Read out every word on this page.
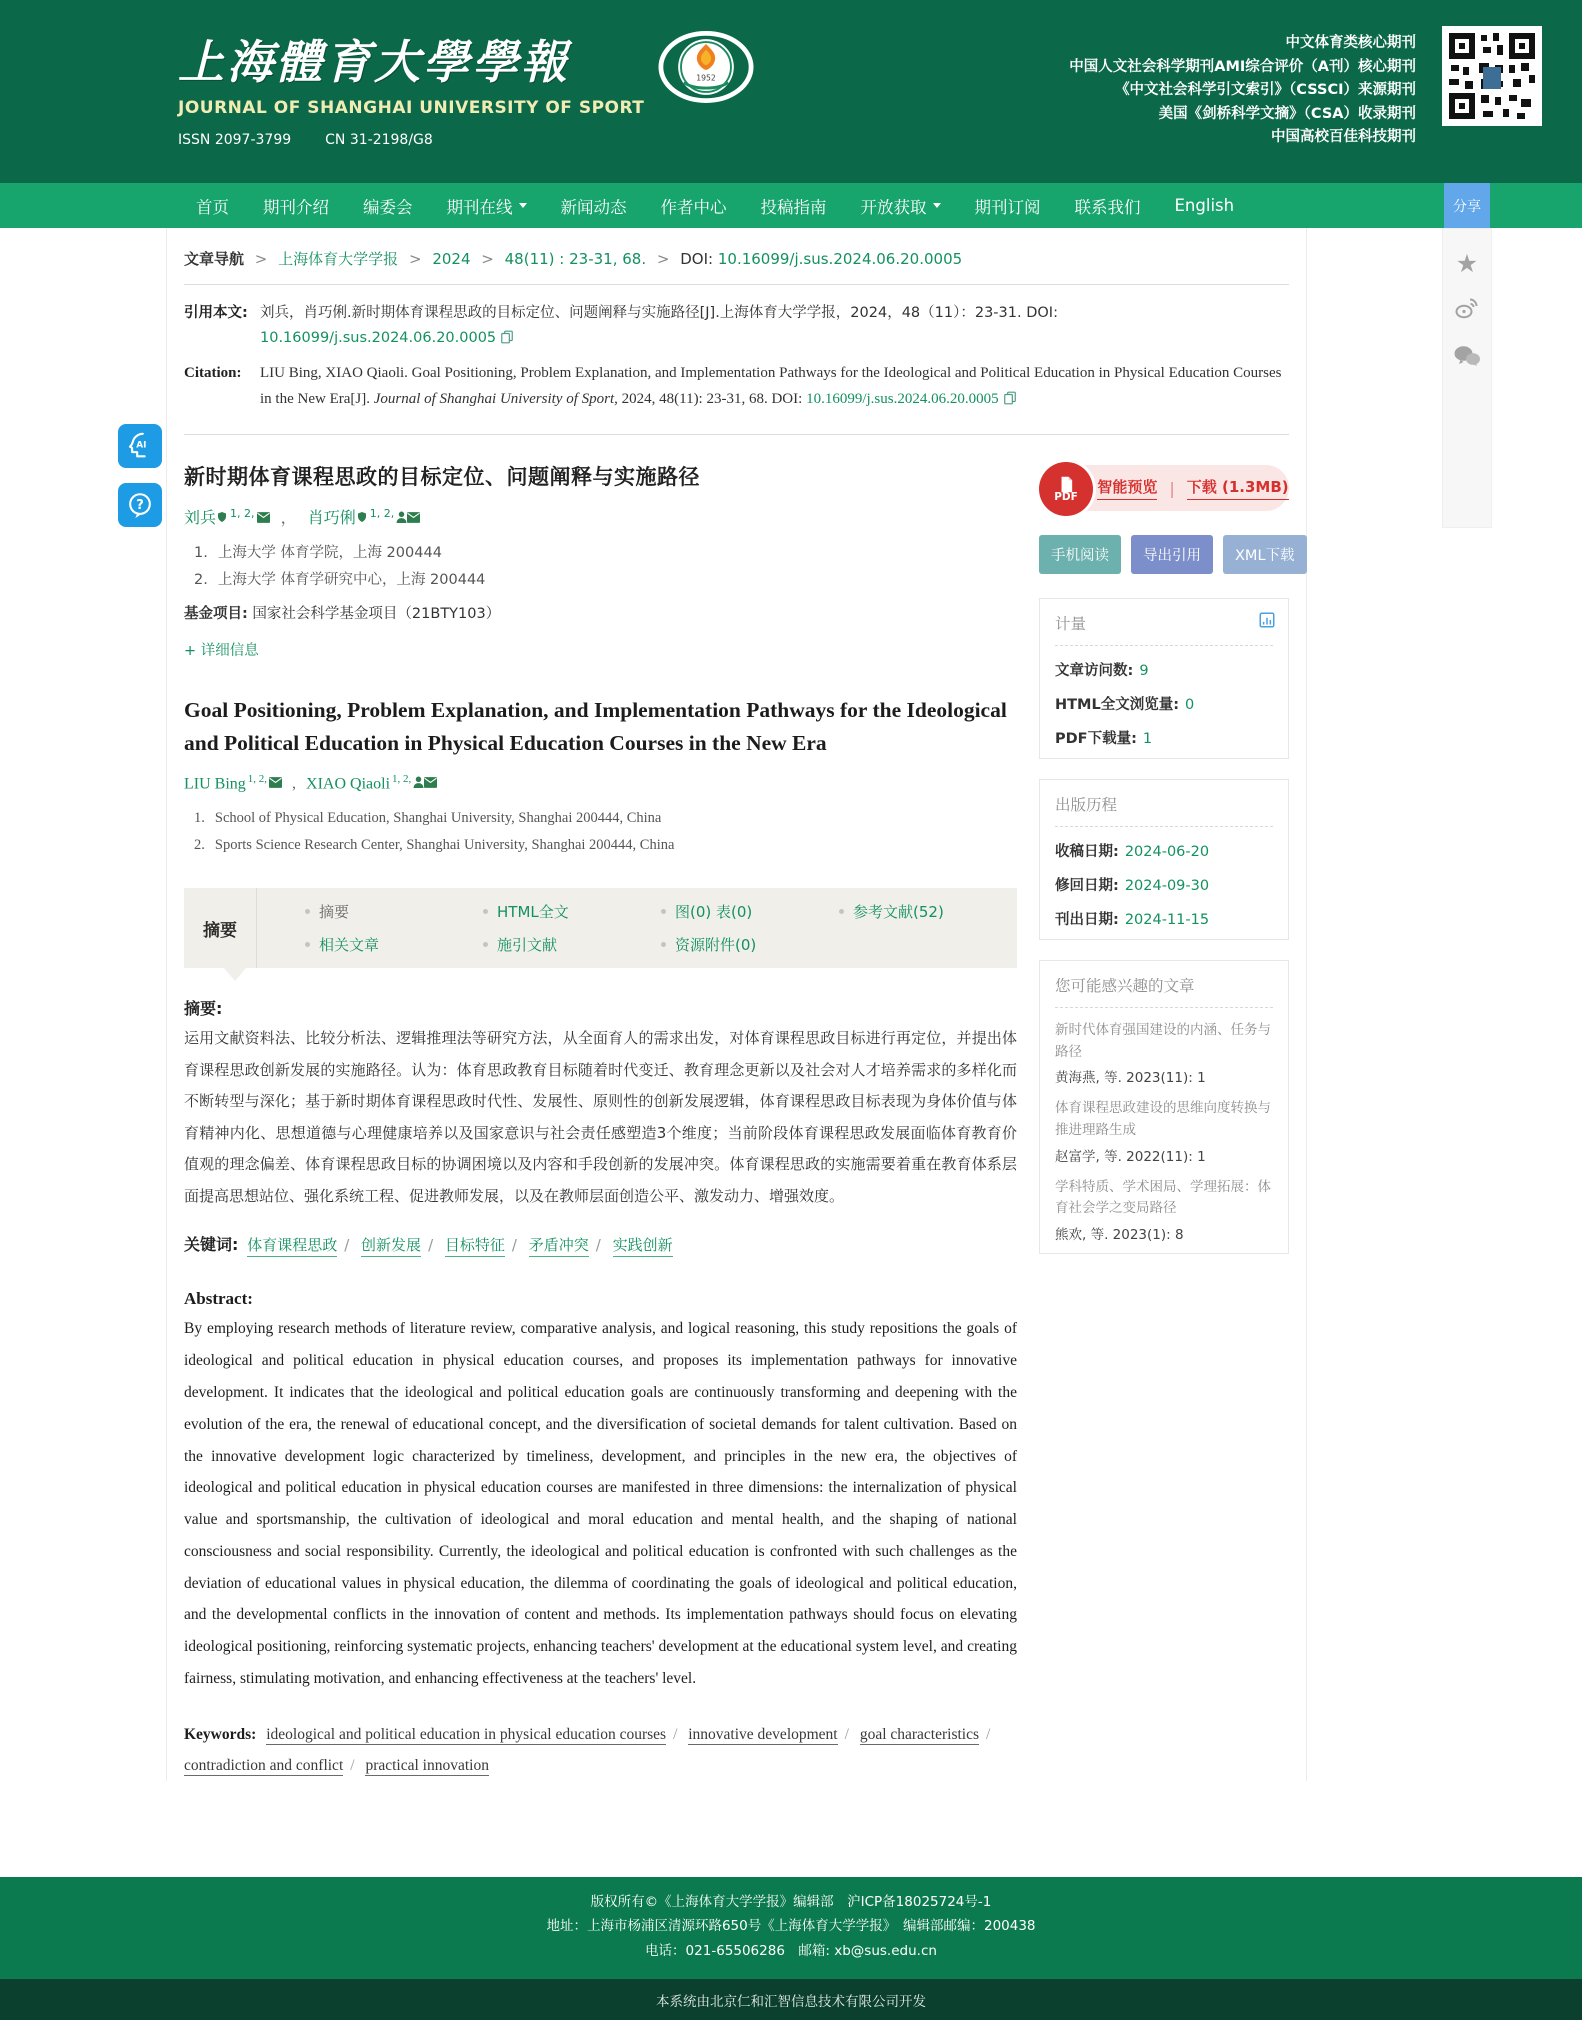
上海體育大學學報
JOURNAL OF SHANGHAI UNIVERSITY OF SPORT
ISSN 2097-3799 CN 31-2198/G8
1952
中文体育类核心期刊
中国人文社会科学期刊AMI综合评价（A刊）核心期刊
《中文社会科学引文索引》（CSSCI）来源期刊
美国《剑桥科学文摘》（CSA）收录期刊
中国高校百佳科技期刊
首页 期刊介绍 编委会 期刊在线	新闻动态 作者中心 投稿指南 开放获取	期刊订阅 联系我们 English	分享
★
AI
?
文章导航 > 上海体育大学学报 > 2024 > 48(11) : 23-31, 68. > DOI: 10.16099/j.sus.2024.06.20.0005
引用本文: 刘兵，肖巧俐.新时期体育课程思政的目标定位、问题阐释与实施路径[J].上海体育大学学报，2024，48（11）：23-31. DOI: 10.16099/j.sus.2024.06.20.0005
Citation:	LIU Bing, XIAO Qiaoli. Goal Positioning, Problem Explanation, and Implementation Pathways for the Ideological and Political Education in Physical Education Courses in the New Era[J]. Journal of Shanghai University of Sport, 2024, 48(11): 23-31, 68. DOI: 10.16099/j.sus.2024.06.20.0005
新时期体育课程思政的目标定位、问题阐释与实施路径
刘兵 $^{1, 2,}$ ， 肖巧俐 $^{1, 2,}$
1. 上海大学 体育学院，上海 200444
2. 上海大学 体育学研究中心，上海 200444
基金项目: 国家社会科学基金项目（21BTY103）
+ 详细信息
Goal Positioning, Problem Explanation, and Implementation Pathways for the Ideological and Political Education in Physical Education Courses in the New Era
LIU Bing $^{1, 2,}$ , XIAO Qiaoli $^{1, 2,}$
1. School of Physical Education, Shanghai University, Shanghai 200444, China
2. Sports Science Research Center, Shanghai University, Shanghai 200444, China
摘要
摘要	HTML全文	图(0) 表(0)	参考文献(52)
相关文章	施引文献	资源附件(0)
摘要:

运用文献资料法、比较分析法、逻辑推理法等研究方法，从全面育人的需求出发，对体育课程思政目标进行再定位，并提出体育课程思政创新发展的实施路径。认为：体育思政教育目标随着时代变迁、教育理念更新以及社会对人才培养需求的多样化而不断转型与深化；基于新时期体育课程思政时代性、发展性、原则性的创新发展逻辑，体育课程思政目标表现为身体价值与体育精神内化、思想道德与心理健康培养以及国家意识与社会责任感塑造3个维度；当前阶段体育课程思政发展面临体育教育价值观的理念偏差、体育课程思政目标的协调困境以及内容和手段创新的发展冲突。体育课程思政的实施需要着重在教育体系层面提高思想站位、强化系统工程、促进教师发展，以及在教师层面创造公平、激发动力、增强效度。

关键词: 体育课程思政 / 创新发展 / 目标特征 / 矛盾冲突 / 实践创新
Abstract:

By employing research methods of literature review, comparative analysis, and logical reasoning, this study repositions the goals of ideological and political education in physical education courses, and proposes its implementation pathways for innovative development. It indicates that the ideological and political education goals are continuously transforming and deepening with the evolution of the era, the renewal of educational concept, and the diversification of societal demands for talent cultivation. Based on the innovative development logic characterized by timeliness, development, and principles in the new era, the objectives of ideological and political education in physical education courses are manifested in three dimensions: the internalization of physical value and sportsmanship, the cultivation of ideological and moral education and mental health, and the shaping of national consciousness and social responsibility. Currently, the ideological and political education is confronted with such challenges as the deviation of educational values in physical education, the dilemma of coordinating the goals of ideological and political education, and the developmental conflicts in the innovation of content and methods. Its implementation pathways should focus on elevating ideological positioning, reinforcing systematic projects, enhancing teachers' development at the educational system level, and creating fairness, stimulating motivation, and enhancing effectiveness at the teachers' level.

Keywords: ideological and political education in physical education courses / innovative development / goal characteristics / contradiction and conflict / practical innovation
智能预览 | 下载 (1.3MB)
PDF
手机阅读	导出引用	XML下载
计量
文章访问数: 9
HTML全文浏览量: 0
PDF下载量: 1
出版历程
收稿日期: 2024-06-20
修回日期: 2024-09-30
刊出日期: 2024-11-15
您可能感兴趣的文章
新时代体育强国建设的内涵、任务与路径
黄海燕, 等. 2023(11): 1
体育课程思政建设的思维向度转换与推进理路生成
赵富学, 等. 2022(11): 1
学科特质、学术困局、学理拓展：体育社会学之变局路径
熊欢, 等. 2023(1): 8
版权所有©《上海体育大学学报》编辑部　沪ICP备18025724号-1
地址：上海市杨浦区清源环路650号《上海体育大学学报》　编辑部邮编：200438
电话：021-65506286　邮箱: xb@sus.edu.cn
本系统由北京仁和汇智信息技术有限公司开发
